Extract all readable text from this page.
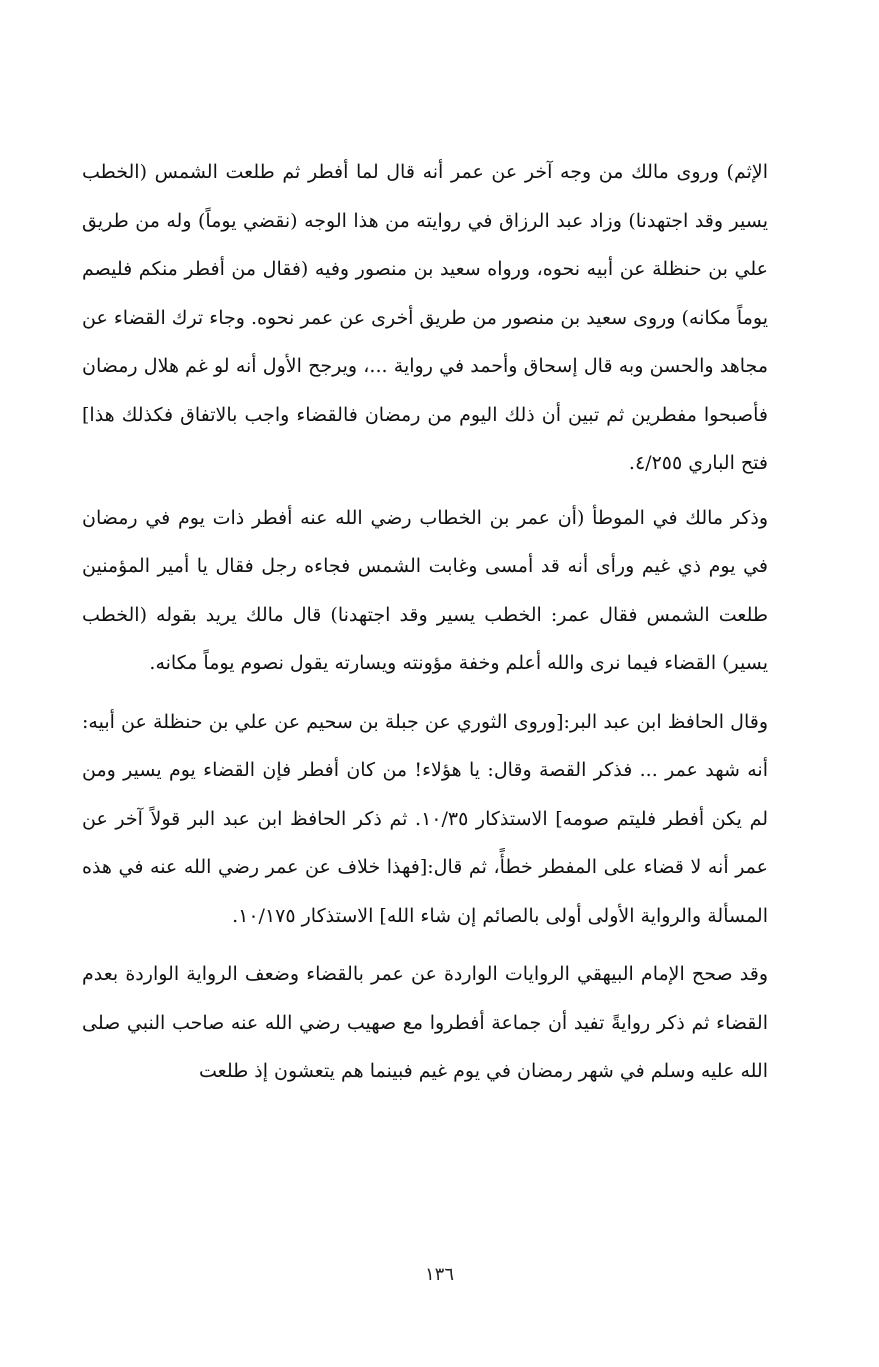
الإثم) وروى مالك من وجه آخر عن عمر أنه قال لما أفطر ثم طلعت الشمس (الخطب يسير وقد اجتهدنا) وزاد عبد الرزاق في روايته من هذا الوجه (نقضي يوماً) وله من طريق علي بن حنظلة عن أبيه نحوه، ورواه سعيد بن منصور وفيه (فقال من أفطر منكم فليصم يوماً مكانه) وروى سعيد بن منصور من طريق أخرى عن عمر نحوه. وجاء ترك القضاء عن مجاهد والحسن وبه قال إسحاق وأحمد في رواية ...، ويرجح الأول أنه لو غم هلال رمضان فأصبحوا مفطرين ثم تبين أن ذلك اليوم من رمضان فالقضاء واجب بالاتفاق فكذلك هذا] فتح الباري ٤/٢٥٥.

وذكر مالك في الموطأ (أن عمر بن الخطاب رضي الله عنه أفطر ذات يوم في رمضان في يوم ذي غيم ورأى أنه قد أمسى وغابت الشمس فجاءه رجل فقال يا أمير المؤمنين طلعت الشمس فقال عمر: الخطب يسير وقد اجتهدنا) قال مالك يريد بقوله (الخطب يسير) القضاء فيما نرى والله أعلم وخفة مؤونته ويسارته يقول نصوم يوماً مكانه.

وقال الحافظ ابن عبد البر:[وروى الثوري عن جبلة بن سحيم عن علي بن حنظلة عن أبيه: أنه شهد عمر ... فذكر القصة وقال: يا هؤلاء! من كان أفطر فإن القضاء يوم يسير ومن لم يكن أفطر فليتم صومه] الاستذكار ١٠/٣٥. ثم ذكر الحافظ ابن عبد البر قولاً آخر عن عمر أنه لا قضاء على المفطر خطأً، ثم قال:[فهذا خلاف عن عمر رضي الله عنه في هذه المسألة والرواية الأولى أولى بالصائم إن شاء الله] الاستذكار ١٠/١٧٥.

وقد صحح الإمام البيهقي الروايات الواردة عن عمر بالقضاء وضعف الرواية الواردة بعدم القضاء ثم ذكر روايةً تفيد أن جماعة أفطروا مع صهيب رضي الله عنه صاحب النبي صلى الله عليه وسلم في شهر رمضان في يوم غيم فبينما هم يتعشون إذ طلعت

١٣٦
